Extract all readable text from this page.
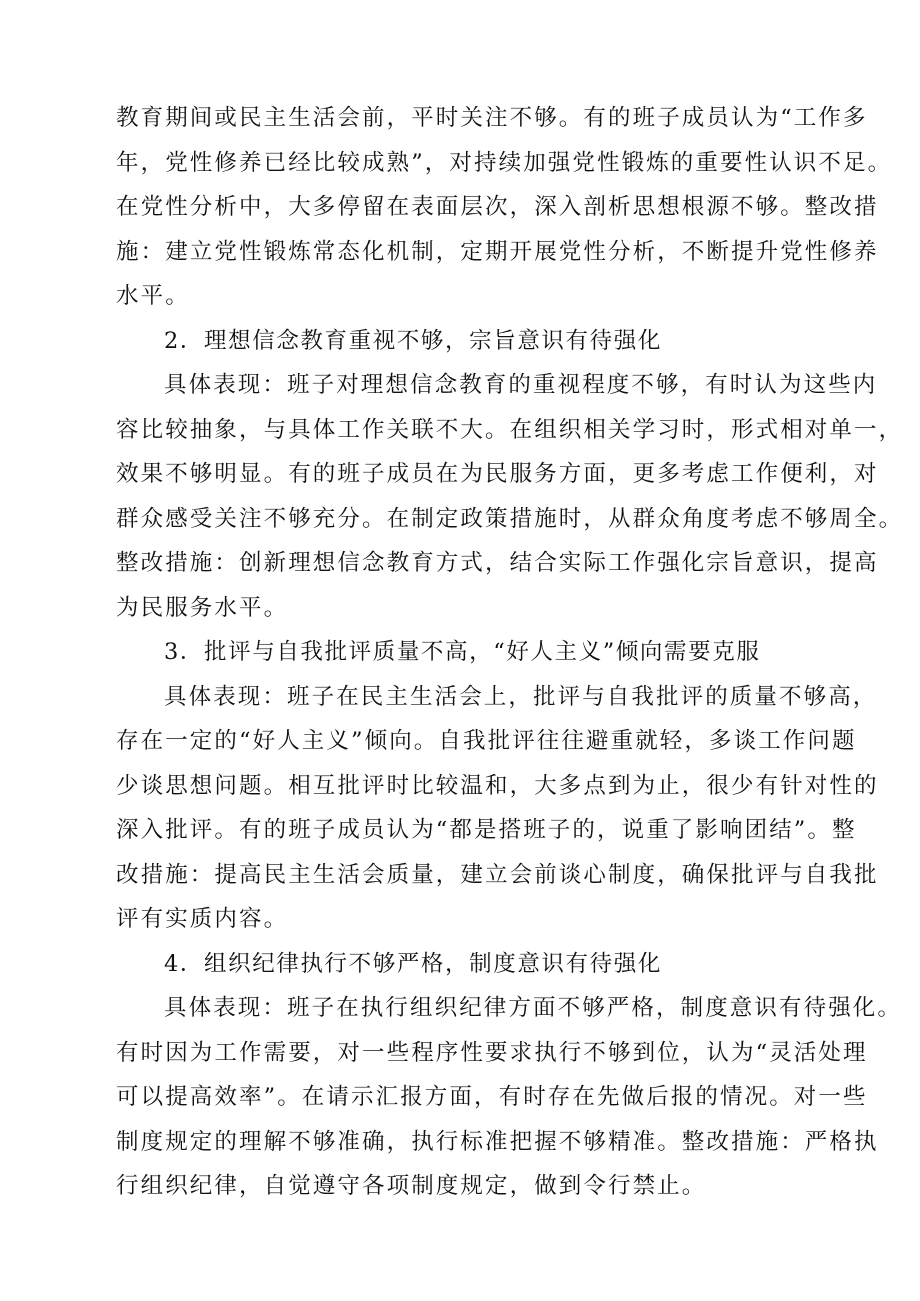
教育期间或民主生活会前，平时关注不够。有的班子成员认为“工作多
年，党性修养已经比较成熟”，对持续加强党性锻炼的重要性认识不足。
在党性分析中，大多停留在表面层次，深入剖析思想根源不够。整改措
施：建立党性锻炼常态化机制，定期开展党性分析，不断提升党性修养
水平。
2．理想信念教育重视不够，宗旨意识有待强化
具体表现：班子对理想信念教育的重视程度不够，有时认为这些内
容比较抽象，与具体工作关联不大。在组织相关学习时，形式相对单一，
效果不够明显。有的班子成员在为民服务方面，更多考虑工作便利，对
群众感受关注不够充分。在制定政策措施时，从群众角度考虑不够周全。
整改措施：创新理想信念教育方式，结合实际工作强化宗旨意识，提高
为民服务水平。
3．批评与自我批评质量不高，“好人主义”倾向需要克服
具体表现：班子在民主生活会上，批评与自我批评的质量不够高，
存在一定的“好人主义”倾向。自我批评往往避重就轻，多谈工作问题
少谈思想问题。相互批评时比较温和，大多点到为止，很少有针对性的
深入批评。有的班子成员认为“都是搭班子的，说重了影响团结”。整
改措施：提高民主生活会质量，建立会前谈心制度，确保批评与自我批
评有实质内容。
4．组织纪律执行不够严格，制度意识有待强化
具体表现：班子在执行组织纪律方面不够严格，制度意识有待强化。
有时因为工作需要，对一些程序性要求执行不够到位，认为“灵活处理
可以提高效率”。在请示汇报方面，有时存在先做后报的情况。对一些
制度规定的理解不够准确，执行标准把握不够精准。整改措施：严格执
行组织纪律，自觉遵守各项制度规定，做到令行禁止。
